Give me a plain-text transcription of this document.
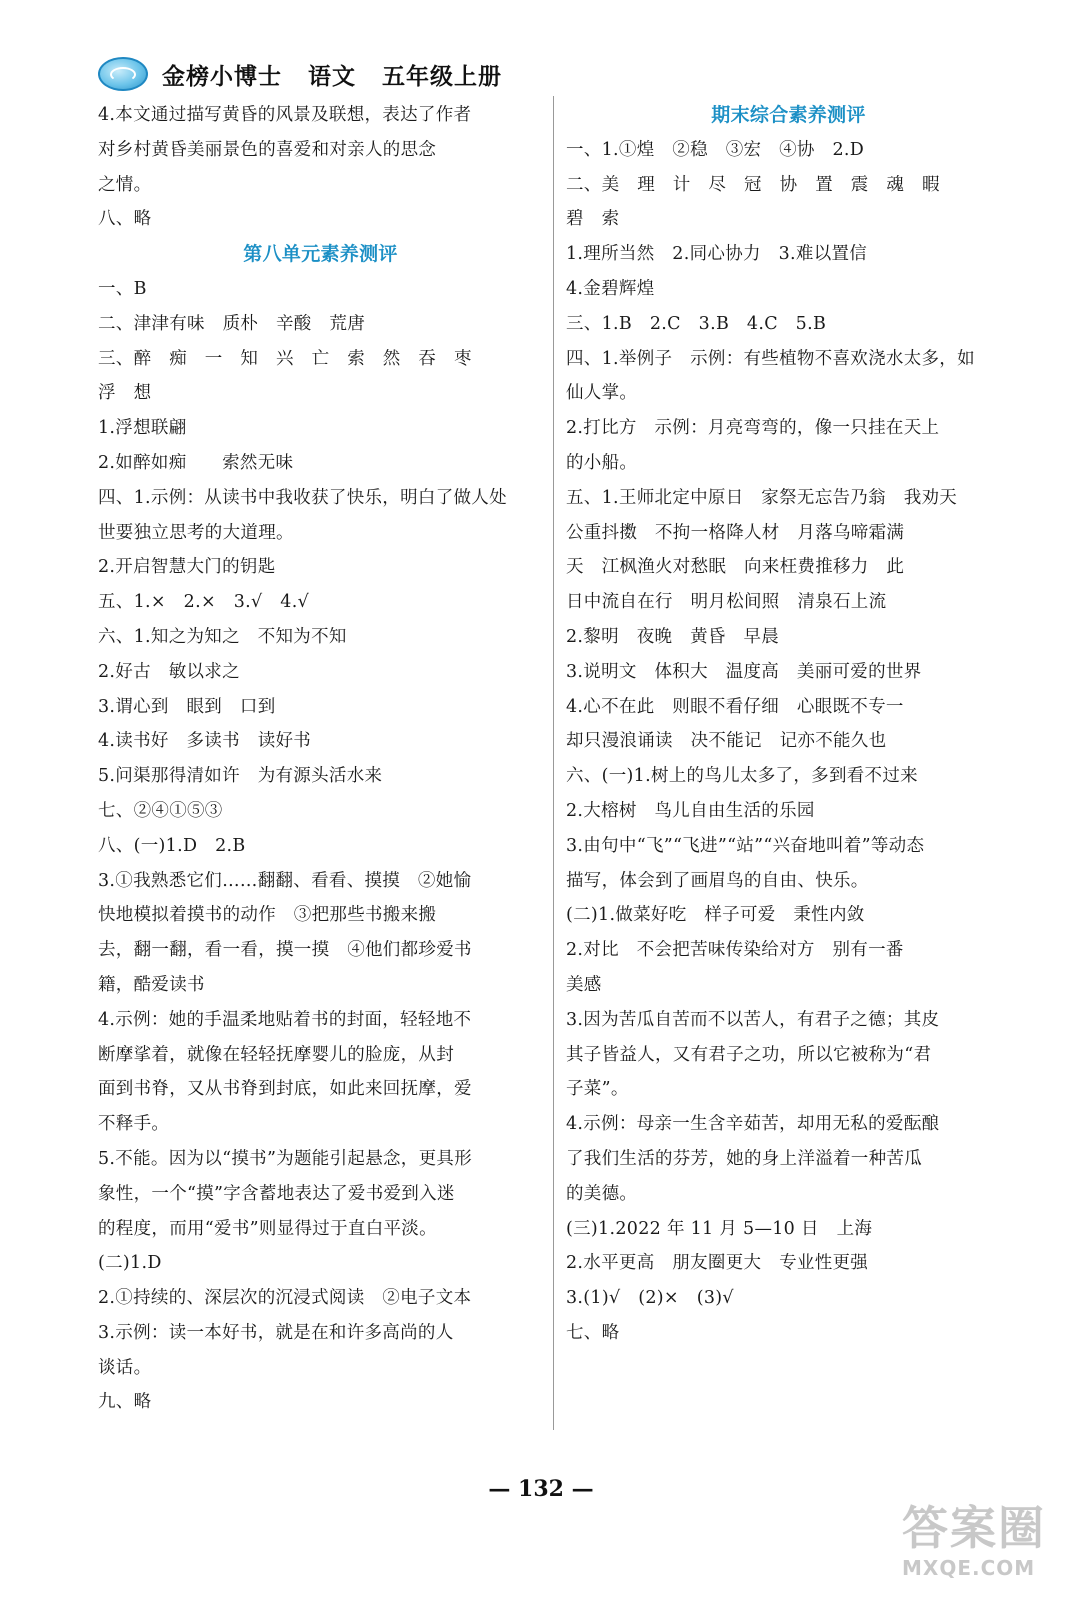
金榜小博士 语文 五年级上册
4.本文通过描写黄昏的风景及联想，表达了作者
对乡村黄昏美丽景色的喜爱和对亲人的思念
之情。
八、略
第八单元素养测评
一、B
二、津津有味　质朴　辛酸　荒唐
三、醉　痴　一　知　兴　亡　索　然　吞　枣
浮　想
1.浮想联翩
2.如醉如痴　　索然无味
四、1.示例：从读书中我收获了快乐，明白了做人处
世要独立思考的大道理。
2.开启智慧大门的钥匙
五、1.×　2.×　3.√　4.√
六、1.知之为知之　不知为不知
2.好古　敏以求之
3.谓心到　眼到　口到
4.读书好　多读书　读好书
5.问渠那得清如许　为有源头活水来
七、②④①⑤③
八、(一)1.D　2.B
3.①我熟悉它们……翻翻、看看、摸摸　②她愉
快地模拟着摸书的动作　③把那些书搬来搬
去，翻一翻，看一看，摸一摸　④他们都珍爱书
籍，酷爱读书
4.示例：她的手温柔地贴着书的封面，轻轻地不
断摩挲着，就像在轻轻抚摩婴儿的脸庞，从封
面到书脊，又从书脊到封底，如此来回抚摩，爱
不释手。
5.不能。因为以“摸书”为题能引起悬念，更具形
象性，一个“摸”字含蓄地表达了爱书爱到入迷
的程度，而用“爱书”则显得过于直白平淡。
(二)1.D
2.①持续的、深层次的沉浸式阅读　②电子文本
3.示例：读一本好书，就是在和许多高尚的人
谈话。
九、略
期末综合素养测评
一、1.①煌　②稳　③宏　④协　2.D
二、美　理　计　尽　冠　协　置　震　魂　暇
碧　索
1.理所当然　2.同心协力　3.难以置信
4.金碧辉煌
三、1.B　2.C　3.B　4.C　5.B
四、1.举例子　示例：有些植物不喜欢浇水太多，如
仙人掌。
2.打比方　示例：月亮弯弯的，像一只挂在天上
的小船。
五、1.王师北定中原日　家祭无忘告乃翁　我劝天
公重抖擞　不拘一格降人材　月落乌啼霜满
天　江枫渔火对愁眠　向来枉费推移力　此
日中流自在行　明月松间照　清泉石上流
2.黎明　夜晚　黄昏　早晨
3.说明文　体积大　温度高　美丽可爱的世界
4.心不在此　则眼不看仔细　心眼既不专一
却只漫浪诵读　决不能记　记亦不能久也
六、(一)1.树上的鸟儿太多了，多到看不过来
2.大榕树　鸟儿自由生活的乐园
3.由句中“飞”“飞进”“站”“兴奋地叫着”等动态
描写，体会到了画眉鸟的自由、快乐。
(二)1.做菜好吃　样子可爱　秉性内敛
2.对比　不会把苦味传染给对方　别有一番
美感
3.因为苦瓜自苦而不以苦人，有君子之德；其皮
其子皆益人，又有君子之功，所以它被称为“君
子菜”。
4.示例：母亲一生含辛茹苦，却用无私的爱酝酿
了我们生活的芬芳，她的身上洋溢着一种苦瓜
的美德。
(三)1.2022 年 11 月 5—10 日　上海
2.水平更高　朋友圈更大　专业性更强
3.(1)√　(2)×　(3)√
七、略
— 132 —
答案圈
MXQE.COM
